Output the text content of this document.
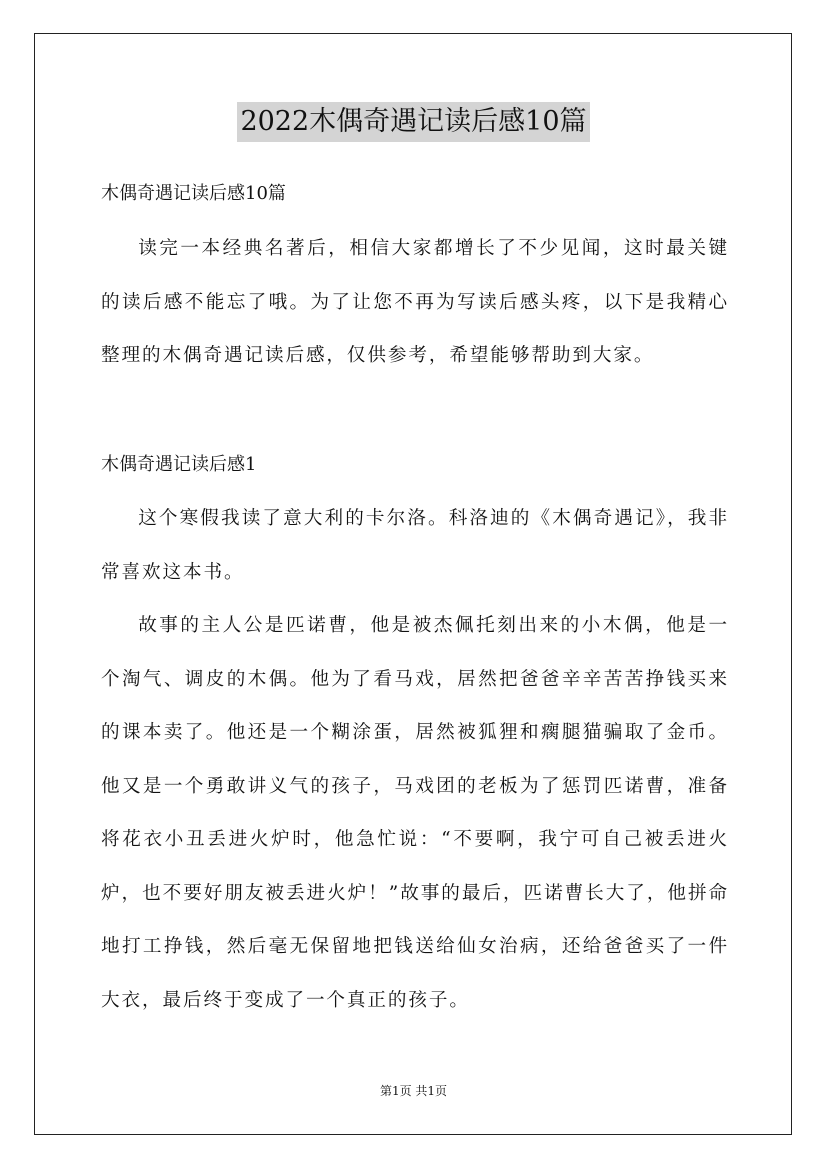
2022木偶奇遇记读后感10篇
木偶奇遇记读后感10篇

读完一本经典名著后，相信大家都增长了不少见闻，这时最关键的读后感不能忘了哦。为了让您不再为写读后感头疼，以下是我精心整理的木偶奇遇记读后感，仅供参考，希望能够帮助到大家。

木偶奇遇记读后感1

这个寒假我读了意大利的卡尔洛。科洛迪的《木偶奇遇记》，我非常喜欢这本书。

故事的主人公是匹诺曹，他是被杰佩托刻出来的小木偶，他是一个淘气、调皮的木偶。他为了看马戏，居然把爸爸辛辛苦苦挣钱买来的课本卖了。他还是一个糊涂蛋，居然被狐狸和瘸腿猫骗取了金币。他又是一个勇敢讲义气的孩子，马戏团的老板为了惩罚匹诺曹，准备将花衣小丑丢进火炉时，他急忙说：“不要啊，我宁可自己被丢进火炉，也不要好朋友被丢进火炉！”故事的最后，匹诺曹长大了，他拼命地打工挣钱，然后毫无保留地把钱送给仙女治病，还给爸爸买了一件大衣，最后终于变成了一个真正的孩子。

第1页 共1页
